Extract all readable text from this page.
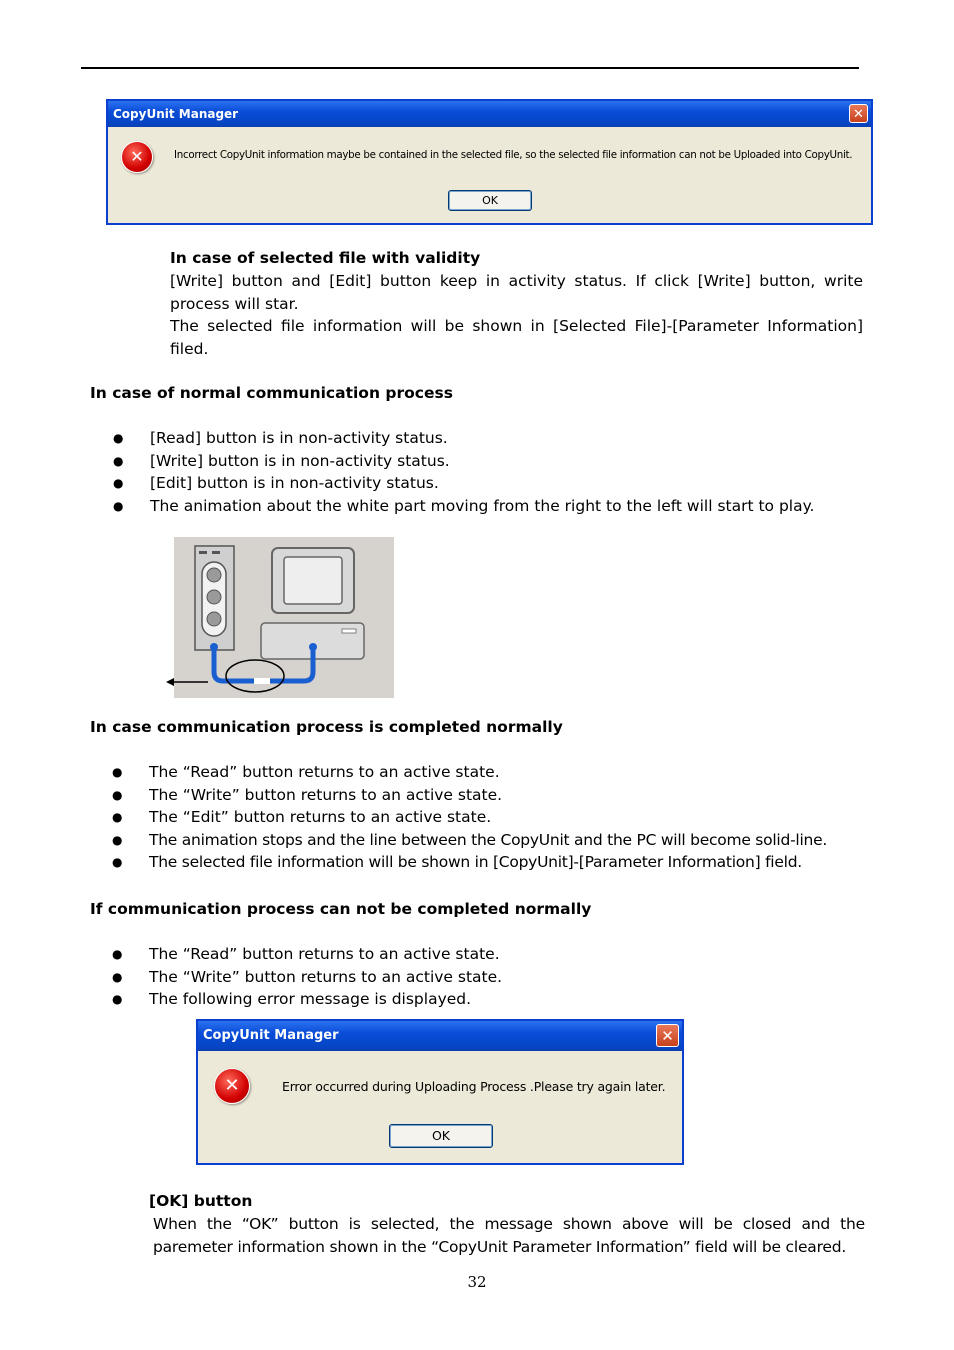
CopyUnit Manager	✕
✕	Incorrect CopyUnit information maybe be contained in the selected file, so the selected file information can not be Uploaded into CopyUnit.
OK
In case of selected file with validity
[Write] button and [Edit] button keep in activity status. If click [Write] button, write process will star.
The selected file information will be shown in [Selected File]-[Parameter Information] filed.
In case of normal communication process
● [Read] button is in non-activity status.
● [Write] button is in non-activity status.
● [Edit] button is in non-activity status.
● The animation about the white part moving from the right to the left will start to play.
In case communication process is completed normally
● The “Read” button returns to an active state.
● The “Write” button returns to an active state.
● The “Edit” button returns to an active state.
● The animation stops and the line between the CopyUnit and the PC will become solid-line.
● The selected file information will be shown in [CopyUnit]-[Parameter Information] field.
If communication process can not be completed normally
● The “Read” button returns to an active state.
● The “Write” button returns to an active state.
● The following error message is displayed.
CopyUnit Manager	✕
✕	Error occurred during Uploading Process .Please try again later.
OK
[OK] button
When the “OK” button is selected, the message shown above will be closed and the paremeter information shown in the “CopyUnit Parameter Information” field will be cleared.
32
